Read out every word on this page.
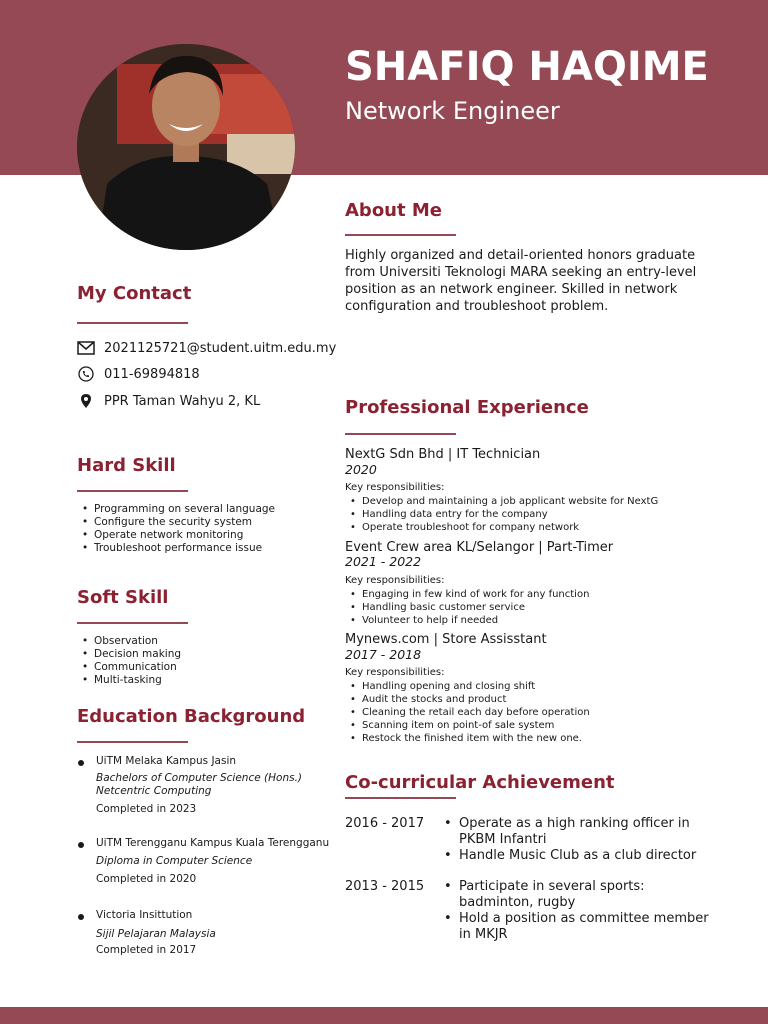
SHAFIQ HAQIME
Network Engineer
About Me
Highly organized and detail-oriented honors graduate from Universiti Teknologi MARA seeking an entry-level position as an network engineer. Skilled in network configuration and troubleshoot problem.
My Contact
2021125721@student.uitm.edu.my
011-69894818
PPR Taman Wahyu 2, KL
Hard Skill
• Programming on several language
• Configure the security system
• Operate network monitoring
• Troubleshoot performance issue
Soft Skill
• Observation
• Decision making
• Communication
• Multi-tasking
Education Background
UiTM Melaka Kampus Jasin
Bachelors of Computer Science (Hons.)
Netcentric Computing
Completed in 2023
UiTM Terengganu Kampus Kuala Terengganu
Diploma in Computer Science
Completed in 2020
Victoria Insittution
Sijil Pelajaran Malaysia
Completed in 2017
Professional Experience
NextG Sdn Bhd | IT Technician
2020
Key responsibilities:
• Develop and maintaining a job applicant website for NextG
• Handling data entry for the company
• Operate troubleshoot for company network
Event Crew area KL/Selangor | Part-Timer
2021 - 2022
Key responsibilities:
• Engaging in few kind of work for any function
• Handling basic customer service
• Volunteer to help if needed
Mynews.com | Store Assisstant
2017 - 2018
Key responsibilities:
• Handling opening and closing shift
• Audit the stocks and product
• Cleaning the retail each day before operation
• Scanning item on point-of sale system
• Restock the finished item with the new one.
Co-curricular Achievement
2016 - 2017	• Operate as a high ranking officer in PKBM Infantri
• Handle Music Club as a club director
2013 - 2015	• Participate in several sports: badminton, rugby
• Hold a position as committee member in MKJR
